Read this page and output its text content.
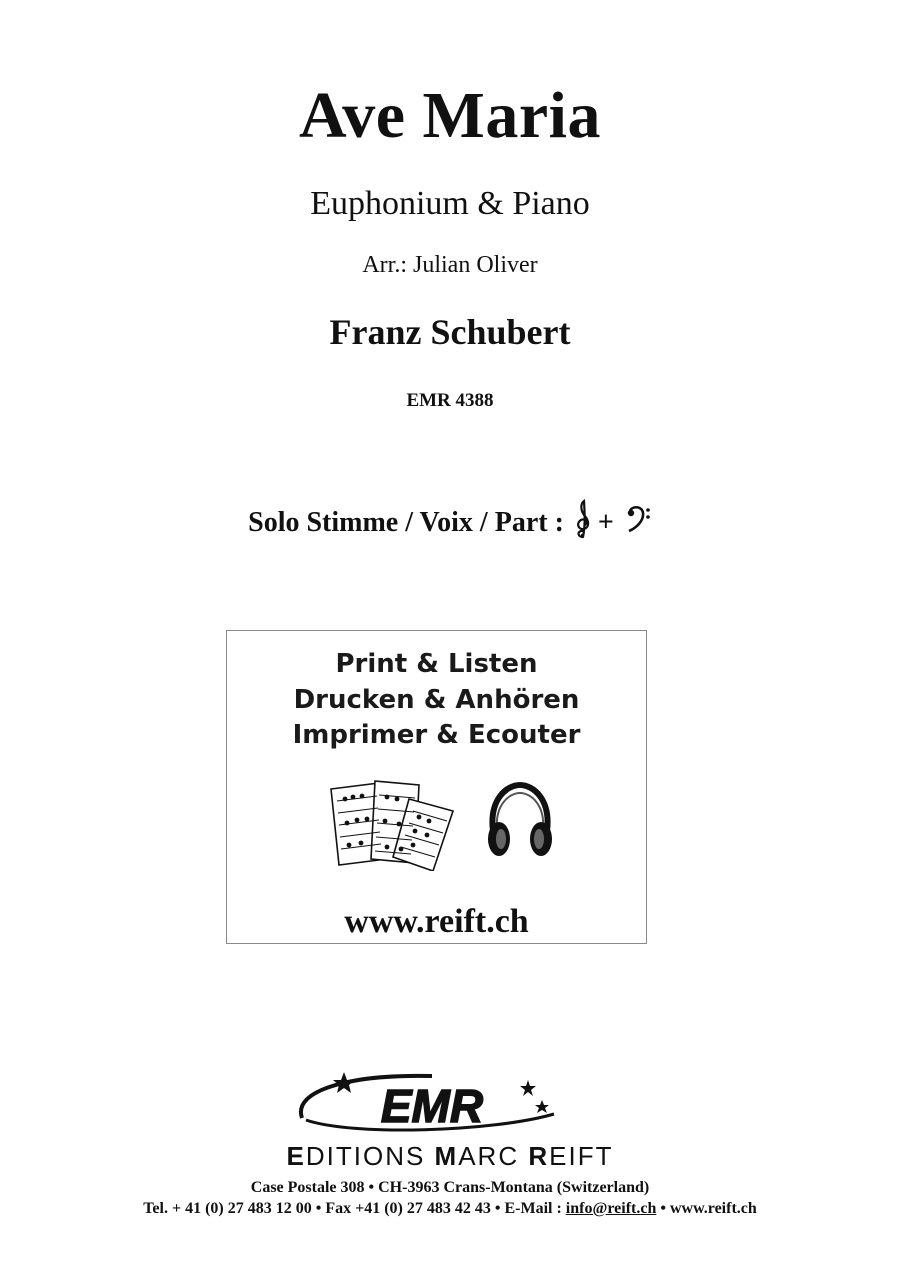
Ave Maria
Euphonium & Piano
Arr.: Julian Oliver
Franz Schubert
EMR 4388
Solo Stimme / Voix / Part : +
Print & Listen
Drucken & Anhören
Imprimer & Ecouter
www.reift.ch
EMR
EDITIONS MARC REIFT
Case Postale 308 • CH-3963 Crans-Montana (Switzerland)
Tel. + 41 (0) 27 483 12 00 • Fax +41 (0) 27 483 42 43 • E-Mail : info@reift.ch • www.reift.ch
